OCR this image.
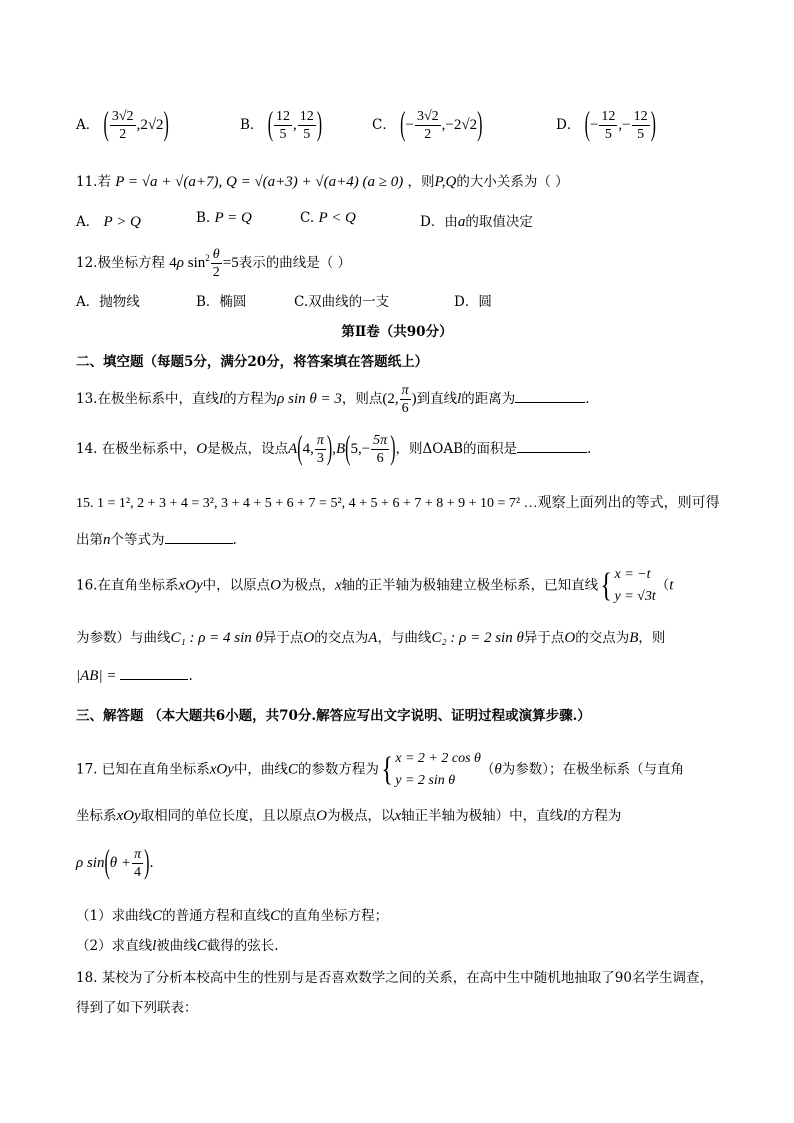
A． ( $\frac{3√2}{2} ,2√2$)	B． ( $\frac{12}{5}$ , $\frac{12}{5}$ )	C． (− $\frac{3√2}{2} ,-2√2$)	D． (− $\frac{12}{5}$ ,− $\frac{12}{5}$ )
11.若 P = √a + √(a+7), Q = √(a+3) + √(a+4) (a ≥ 0) ，则P,Q的大小关系为（ ）
A． P > Q	B. P = Q	C. P < Q	D．由a的取值决定
12.极坐标方程 4ρ $\sin^2 \frac{\theta}{2} =5$表示的曲线是（ ）
A．抛物线	B．椭圆	C.双曲线的一支	D．圆
第Ⅱ卷（共90分）
二、填空题（每题5分，满分20分，将答案填在答题纸上）
13.在极坐标系中，直线l的方程为ρ sin θ = 3，则点(2, $\frac{\pi}{6}$ )到直线l的距离为	.
14. 在极坐标系中，O是极点，设点A(4, $\frac{\pi}{3} ),B(5,- \frac{5\pi}{6}$ )，则ΔOAB的面积是	.
15. 1 = 1², 2 + 3 + 4 = 3², 3 + 4 + 5 + 6 + 7 = 5², 4 + 5 + 6 + 7 + 8 + 9 + 10 = 7² …观察上面列出的等式，则可得
出第n个等式为	.
16.在直角坐标系xOy中，以原点O为极点，x轴的正半轴为极轴建立极坐标系，已知直线{ x = −t
y = √3t
（t
为参数）与曲线C₁ : ρ = 4 sin θ异于点O的交点为A，与曲线C₂ : ρ = 2 sin θ异于点O的交点为B，则
|AB| =	.
三、解答题 （本大题共6小题，共70分.解答应写出文字说明、证明过程或演算步骤.）
17. 已知在直角坐标系xOy中，曲线C的参数方程为{ x = 2 + 2 cos θ
y = 2 sin θ
（θ为参数）；在极坐标系（与直角
坐标系xOy取相同的单位长度，且以原点O为极点，以x轴正半轴为极轴）中，直线l的方程为
ρ $\sin(\theta + \frac{\pi}{4}$ ).
（1）求曲线C的普通方程和直线C的直角坐标方程；
（2）求直线l被曲线C截得的弦长.
18. 某校为了分析本校高中生的性别与是否喜欢数学之间的关系，在高中生中随机地抽取了90名学生调查，
得到了如下列联表：
